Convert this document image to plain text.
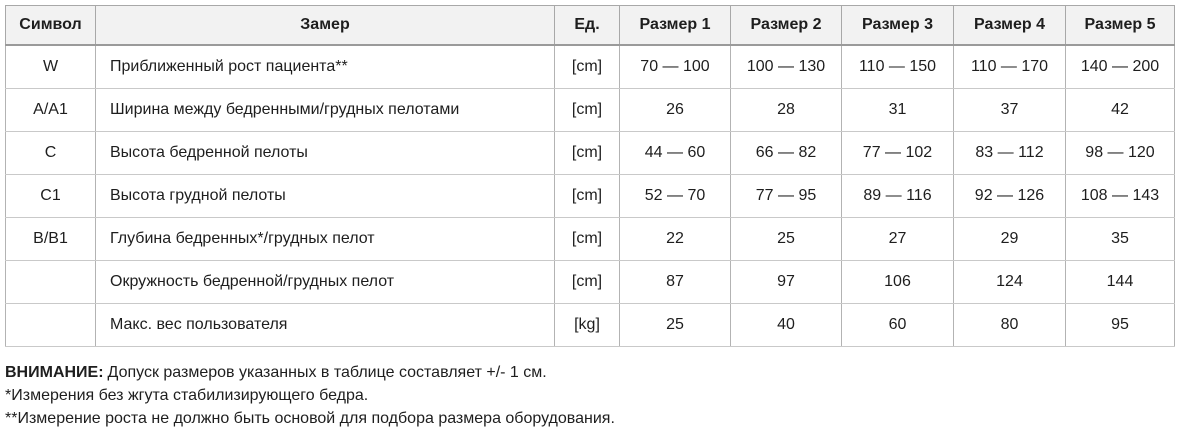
Символ	Замер	Ед.	Размер 1	Размер 2	Размер 3	Размер 4	Размер 5
W	Приближенный рост пациента**	[cm]	70 — 100	100 — 130	110 — 150	110 — 170	140 — 200
A/A1	Ширина между бедренными/грудных пелотами	[cm]	26	28	31	37	42
C	Высота бедренной пелоты	[cm]	44 — 60	66 — 82	77 — 102	83 — 112	98 — 120
C1	Высота грудной пелоты	[cm]	52 — 70	77 — 95	89 — 116	92 — 126	108 — 143
B/B1	Глубина бедренных*/грудных пелот	[cm]	22	25	27	29	35
	Окружность бедренной/грудных пелот	[cm]	87	97	106	124	144
	Макс. вес пользователя	[kg]	25	40	60	80	95

ВНИМАНИЕ: Допуск размеров указанных в таблице составляет +/- 1 см.

*Измерения без жгута стабилизирующего бедра.

**Измерение роста не должно быть основой для подбора размера оборудования.
